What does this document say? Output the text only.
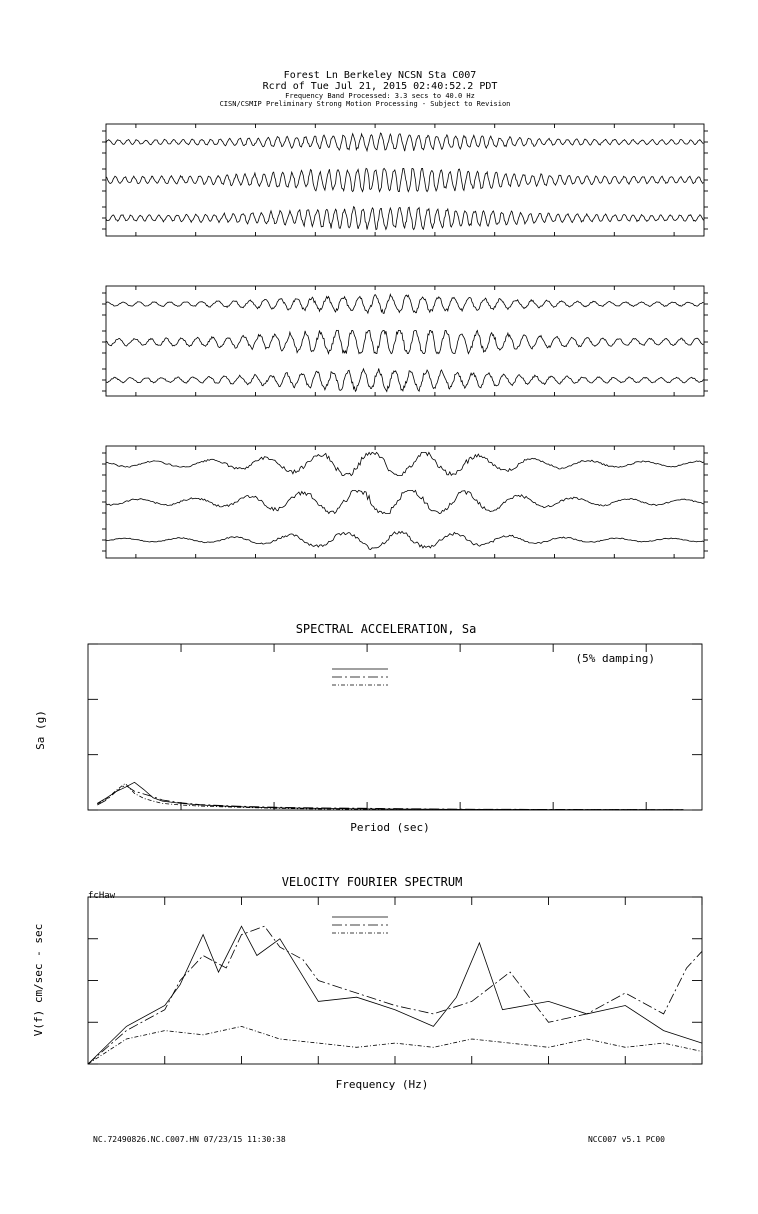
Forest Ln Berkeley NCSN Sta C007
Rcrd of Tue Jul 21, 2015 02:40:52.2 PDT
Frequency Band Processed: 3.3 secs to 40.0 Hz
CISN/CSMIP Preliminary Strong Motion Processing - Subject to Revision
SPECTRAL ACCELERATION, Sa
Period (sec)
Sa (g)
(5% damping)
VELOCITY FOURIER SPECTRUM
Frequency (Hz)
V(f) cm/sec - sec
fcHaw
NC.72490826.NC.C007.HN 07/23/15 11:30:38	NCC007 v5.1 PC00
